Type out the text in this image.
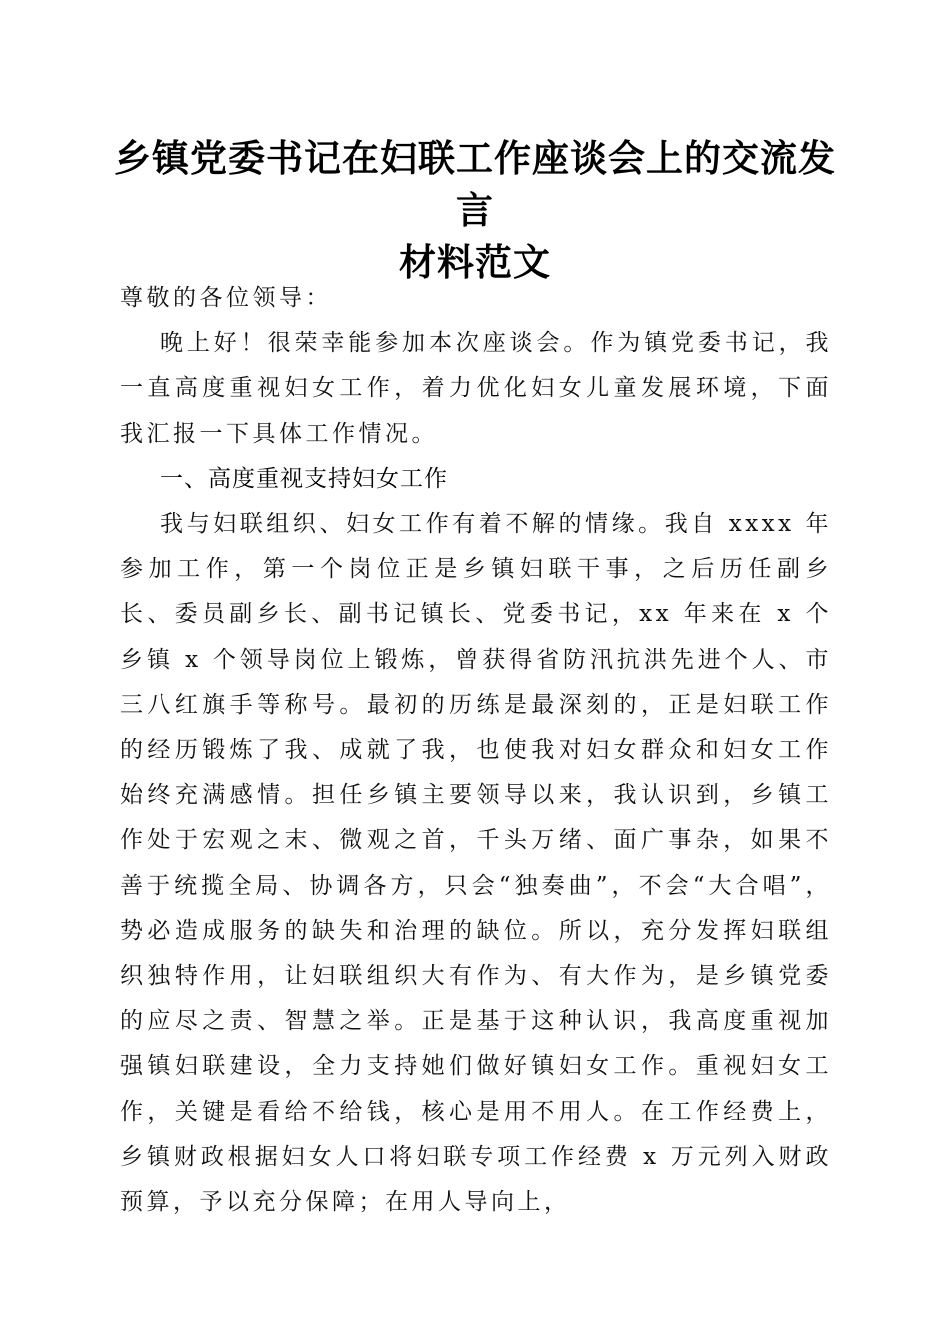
乡镇党委书记在妇联工作座谈会上的交流发言
材料范文

尊敬的各位领导：

晚上好！很荣幸能参加本次座谈会。作为镇党委书记，我一直高度重视妇女工作，着力优化妇女儿童发展环境，下面我汇报一下具体工作情况。

一、高度重视支持妇女工作

我与妇联组织、妇女工作有着不解的情缘。我自 xxxx 年参加工作，第一个岗位正是乡镇妇联干事，之后历任副乡长、委员副乡长、副书记镇长、党委书记，xx 年来在 x 个乡镇 x 个领导岗位上锻炼，曾获得省防汛抗洪先进个人、市三八红旗手等称号。最初的历练是最深刻的，正是妇联工作的经历锻炼了我、成就了我，也使我对妇女群众和妇女工作始终充满感情。担任乡镇主要领导以来，我认识到，乡镇工作处于宏观之末、微观之首，千头万绪、面广事杂，如果不善于统揽全局、协调各方，只会“独奏曲”，不会“大合唱”，势必造成服务的缺失和治理的缺位。所以，充分发挥妇联组织独特作用，让妇联组织大有作为、有大作为，是乡镇党委的应尽之责、智慧之举。正是基于这种认识，我高度重视加强镇妇联建设，全力支持她们做好镇妇女工作。重视妇女工作，关键是看给不给钱，核心是用不用人。在工作经费上，乡镇财政根据妇女人口将妇联专项工作经费 x 万元列入财政预算，予以充分保障；在用人导向上，
